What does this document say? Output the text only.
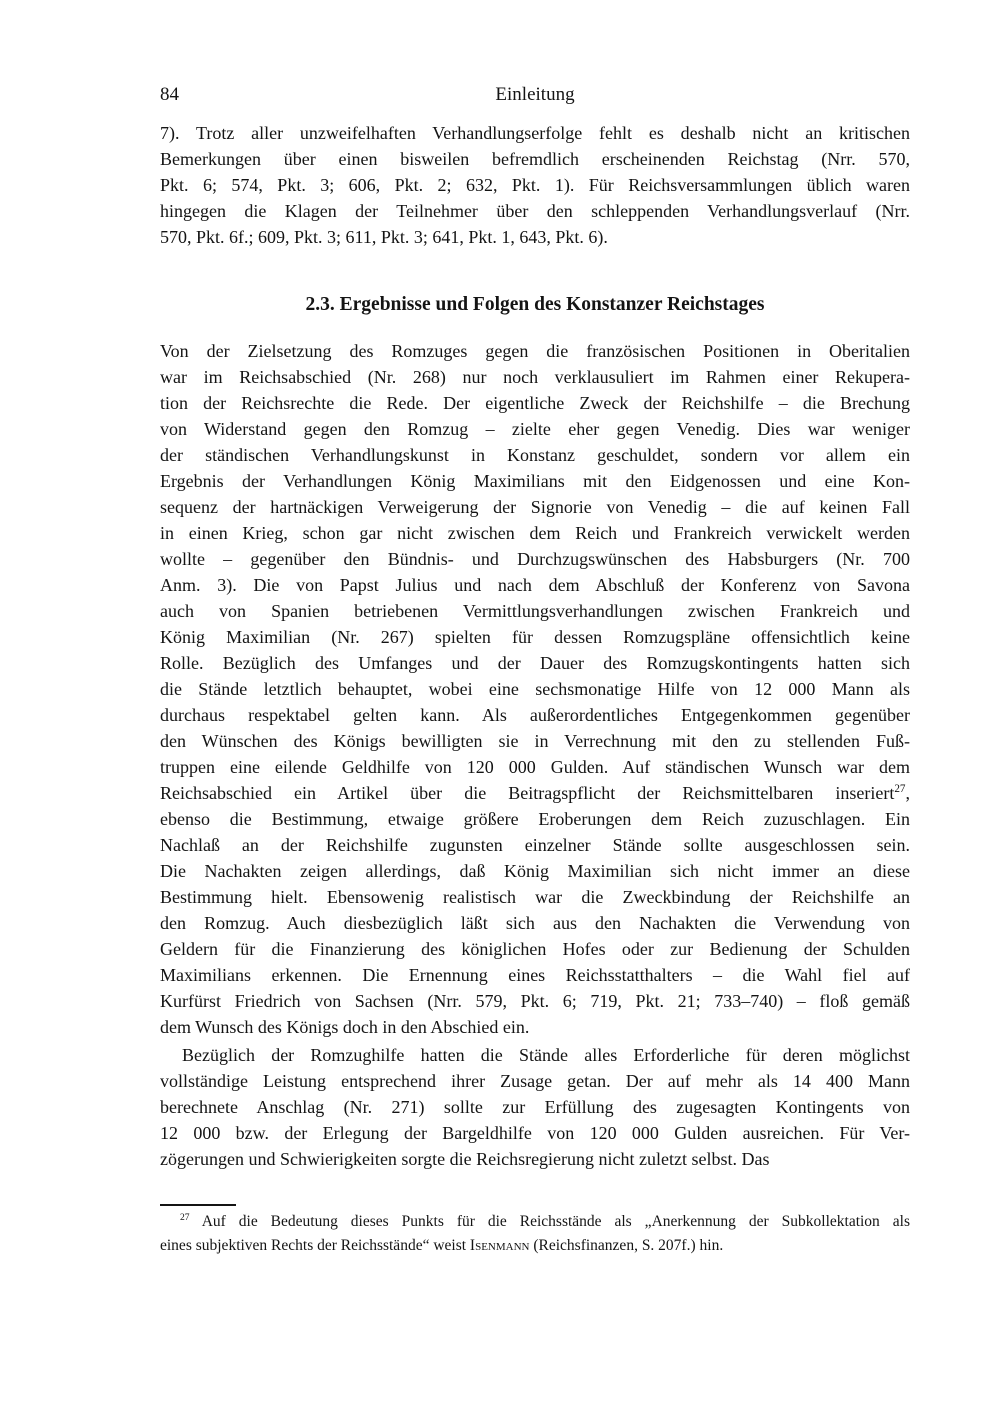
84	Einleitung
7). Trotz aller unzweifelhaften Verhandlungserfolge fehlt es deshalb nicht an kritischen
Bemerkungen über einen bisweilen befremdlich erscheinenden Reichstag (Nrr. 570,
Pkt. 6; 574, Pkt. 3; 606, Pkt. 2; 632, Pkt. 1). Für Reichsversammlungen üblich waren
hingegen die Klagen der Teilnehmer über den schleppenden Verhandlungsverlauf (Nrr.
570, Pkt. 6f.; 609, Pkt. 3; 611, Pkt. 3; 641, Pkt. 1, 643, Pkt. 6).
2.3. Ergebnisse und Folgen des Konstanzer Reichstages
Von der Zielsetzung des Romzuges gegen die französischen Positionen in Oberitalien
war im Reichsabschied (Nr. 268) nur noch verklausuliert im Rahmen einer Rekupera-
tion der Reichsrechte die Rede. Der eigentliche Zweck der Reichshilfe – die Brechung
von Widerstand gegen den Romzug – zielte eher gegen Venedig. Dies war weniger
der ständischen Verhandlungskunst in Konstanz geschuldet, sondern vor allem ein
Ergebnis der Verhandlungen König Maximilians mit den Eidgenossen und eine Kon-
sequenz der hartnäckigen Verweigerung der Signorie von Venedig – die auf keinen Fall
in einen Krieg, schon gar nicht zwischen dem Reich und Frankreich verwickelt werden
wollte – gegenüber den Bündnis- und Durchzugswünschen des Habsburgers (Nr. 700
Anm. 3). Die von Papst Julius und nach dem Abschluß der Konferenz von Savona
auch von Spanien betriebenen Vermittlungsverhandlungen zwischen Frankreich und
König Maximilian (Nr. 267) spielten für dessen Romzugspläne offensichtlich keine
Rolle. Bezüglich des Umfanges und der Dauer des Romzugskontingents hatten sich
die Stände letztlich behauptet, wobei eine sechsmonatige Hilfe von 12 000 Mann als
durchaus respektabel gelten kann. Als außerordentliches Entgegenkommen gegenüber
den Wünschen des Königs bewilligten sie in Verrechnung mit den zu stellenden Fuß-
truppen eine eilende Geldhilfe von 120 000 Gulden. Auf ständischen Wunsch war dem
Reichsabschied ein Artikel über die Beitragspflicht der Reichsmittelbaren inseriert$^{27}$,
ebenso die Bestimmung, etwaige größere Eroberungen dem Reich zuzuschlagen. Ein
Nachlaß an der Reichshilfe zugunsten einzelner Stände sollte ausgeschlossen sein.
Die Nachakten zeigen allerdings, daß König Maximilian sich nicht immer an diese
Bestimmung hielt. Ebensowenig realistisch war die Zweckbindung der Reichshilfe an
den Romzug. Auch diesbezüglich läßt sich aus den Nachakten die Verwendung von
Geldern für die Finanzierung des königlichen Hofes oder zur Bedienung der Schulden
Maximilians erkennen. Die Ernennung eines Reichsstatthalters – die Wahl fiel auf
Kurfürst Friedrich von Sachsen (Nrr. 579, Pkt. 6; 719, Pkt. 21; 733–740) – floß gemäß
dem Wunsch des Königs doch in den Abschied ein.
Bezüglich der Romzughilfe hatten die Stände alles Erforderliche für deren möglichst
vollständige Leistung entsprechend ihrer Zusage getan. Der auf mehr als 14 400 Mann
berechnete Anschlag (Nr. 271) sollte zur Erfüllung des zugesagten Kontingents von
12 000 bzw. der Erlegung der Bargeldhilfe von 120 000 Gulden ausreichen. Für Ver-
zögerungen und Schwierigkeiten sorgte die Reichsregierung nicht zuletzt selbst. Das
$^{27}$ Auf die Bedeutung dieses Punkts für die Reichsstände als „Anerkennung der Subkollektation als
eines subjektiven Rechts der Reichsstände“ weist Isenmann (Reichsfinanzen, S. 207f.) hin.
